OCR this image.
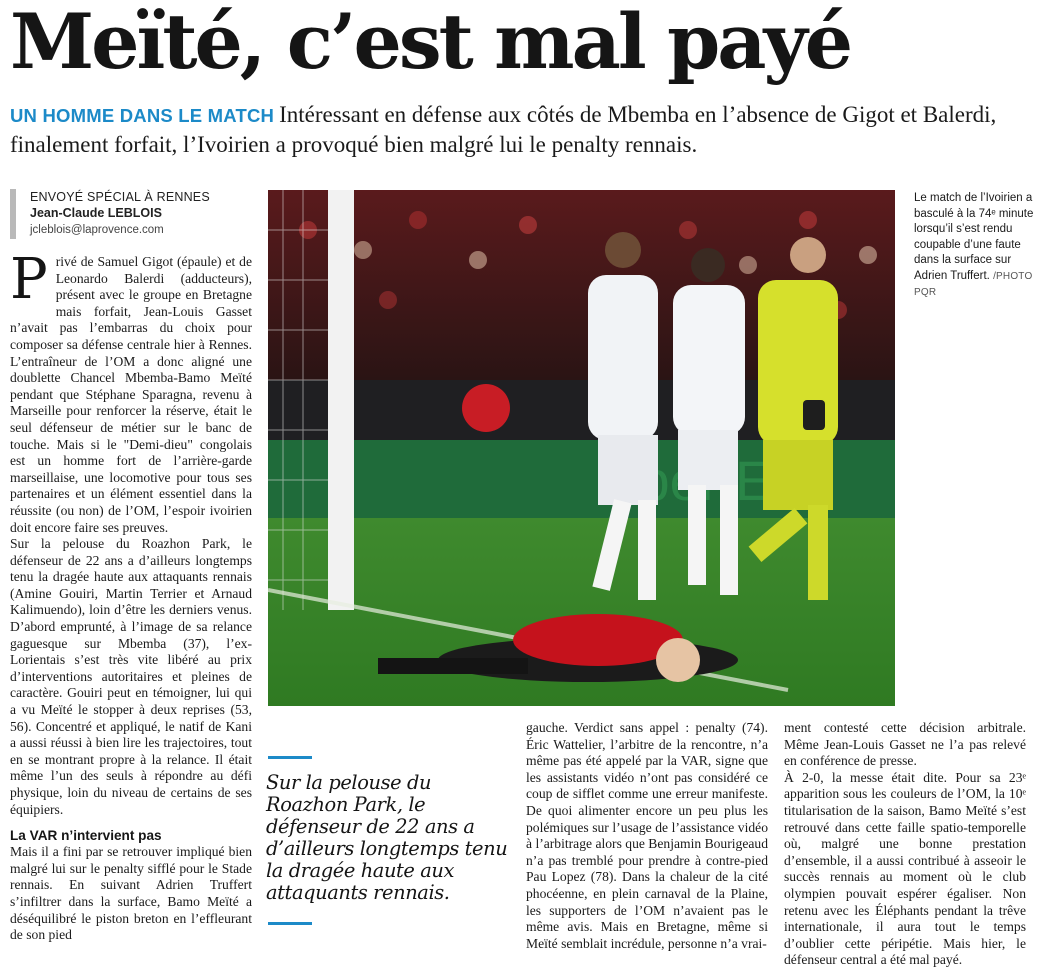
Meïté, c’est mal payé
UN HOMME DANS LE MATCH Intéressant en défense aux côtés de Mbemba en l’absence de Gigot et Balerdi, finalement forfait, l’Ivoirien a provoqué bien malgré lui le penalty rennais.
ENVOYÉ SPÉCIAL À RENNES
Jean-Claude LEBLOIS
jcleblois@laprovence.com

Privé de Samuel Gigot (épaule) et de Leonardo Balerdi (adducteurs), présent avec le groupe en Bretagne mais forfait, Jean-Louis Gasset n’avait pas l’embarras du choix pour composer sa défense centrale hier à Rennes. L’entraîneur de l’OM a donc aligné une doublette Chancel Mbemba-Bamo Meïté pendant que Stéphane Sparagna, revenu à Marseille pour renforcer la réserve, était le seul défenseur de métier sur le banc de touche. Mais si le "Demi-dieu" congolais est un homme fort de l’arrière-garde marseillaise, une locomotive pour tous ses partenaires et un élément essentiel dans la réussite (ou non) de l’OM, l’espoir ivoirien doit encore faire ses preuves.

Sur la pelouse du Roazhon Park, le défenseur de 22 ans a d’ailleurs longtemps tenu la dragée haute aux attaquants rennais (Amine Gouiri, Martin Terrier et Arnaud Kalimuendo), loin d’être les derniers venus. D’abord emprunté, à l’image de sa relance gaguesque sur Mbemba (37), l’ex-Lorientais s’est très vite libéré au prix d’interventions autoritaires et pleines de caractère. Gouiri peut en témoigner, lui qui a vu Meïté le stopper à deux reprises (53, 56). Concentré et appliqué, le natif de Kani a aussi réussi à bien lire les trajectoires, tout en se montrant propre à la relance. Il était même l’un des seuls à répondre au défi physique, loin du niveau de certains de ses équipiers.

La VAR n’intervient pas

Mais il a fini par se retrouver impliqué bien malgré lui sur le penalty sifflé pour le Stade rennais. En suivant Adrien Truffert s’infiltrer dans la surface, Bamo Meïté a déséquilibré le piston breton en l’effleurant de son pied

Uber E
Le match de l’Ivoirien a basculé à la 74ᵉ minute lorsqu’il s’est rendu coupable d’une faute dans la surface sur Adrien Truffert. /PHOTO PQR
Sur la pelouse du Roazhon Park, le défenseur de 22 ans a d’ailleurs longtemps tenu la dragée haute aux attaquants rennais.

gauche. Verdict sans appel : penalty (74). Éric Wattelier, l’arbitre de la rencontre, n’a même pas été appelé par la VAR, signe que les assistants vidéo n’ont pas considéré ce coup de sifflet comme une erreur manifeste. De quoi alimenter encore un peu plus les polémiques sur l’usage de l’assistance vidéo à l’arbitrage alors que Benjamin Bourigeaud n’a pas tremblé pour prendre à contre-pied Pau Lopez (78). Dans la chaleur de la cité phocéenne, en plein carnaval de la Plaine, les supporters de l’OM n’avaient pas le même avis. Mais en Bretagne, même si Meïté semblait incrédule, personne n’a vrai-

ment contesté cette décision arbitrale. Même Jean-Louis Gasset ne l’a pas relevé en conférence de presse.

À 2-0, la messe était dite. Pour sa 23ᵉ apparition sous les couleurs de l’OM, la 10ᵉ titularisation de la saison, Bamo Meïté s’est retrouvé dans cette faille spatio-temporelle où, malgré une bonne prestation d’ensemble, il a aussi contribué à asseoir le succès rennais au moment où le club olympien pouvait espérer égaliser. Non retenu avec les Éléphants pendant la trêve internationale, il aura tout le temps d’oublier cette péripétie. Mais hier, le défenseur central a été mal payé.
